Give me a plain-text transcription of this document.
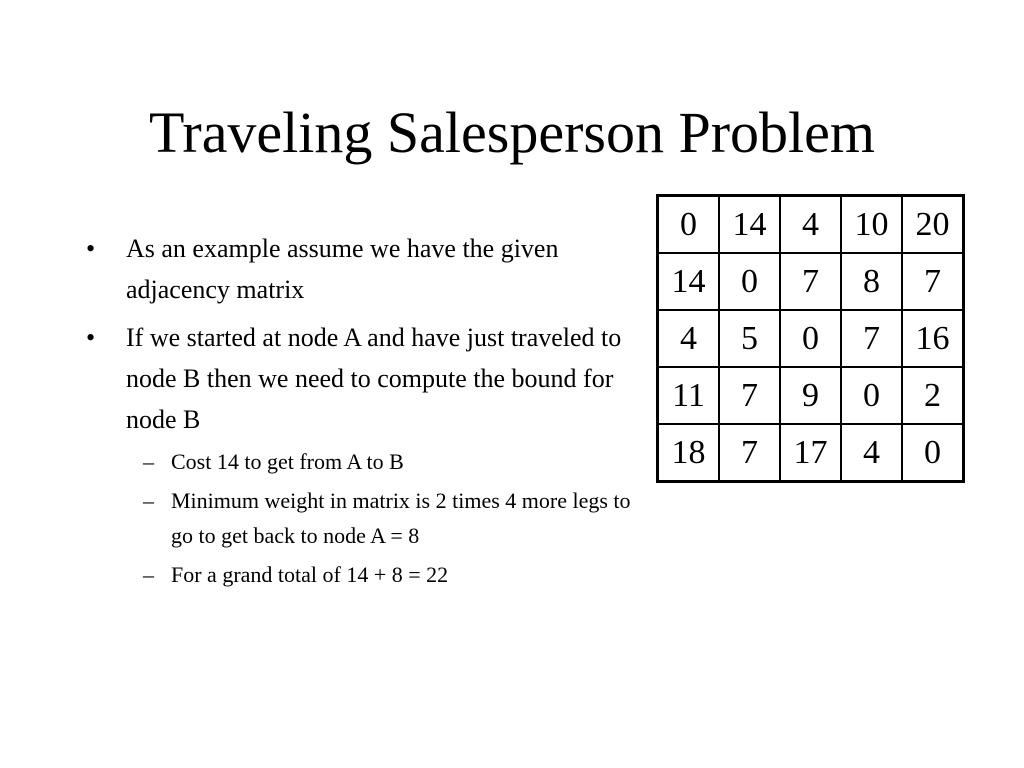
Traveling Salesperson Problem
• As an example assume we have the given adjacency matrix
• If we started at node A and have just traveled to node B then we need to compute the bound for node B
– Cost 14 to get from A to B
– Minimum weight in matrix is 2 times 4 more legs to go to get back to node A = 8
– For a grand total of 14 + 8 = 22
0	14	4	10	20
14	0	7	8	7
4	5	0	7	16
11	7	9	0	2
18	7	17	4	0
